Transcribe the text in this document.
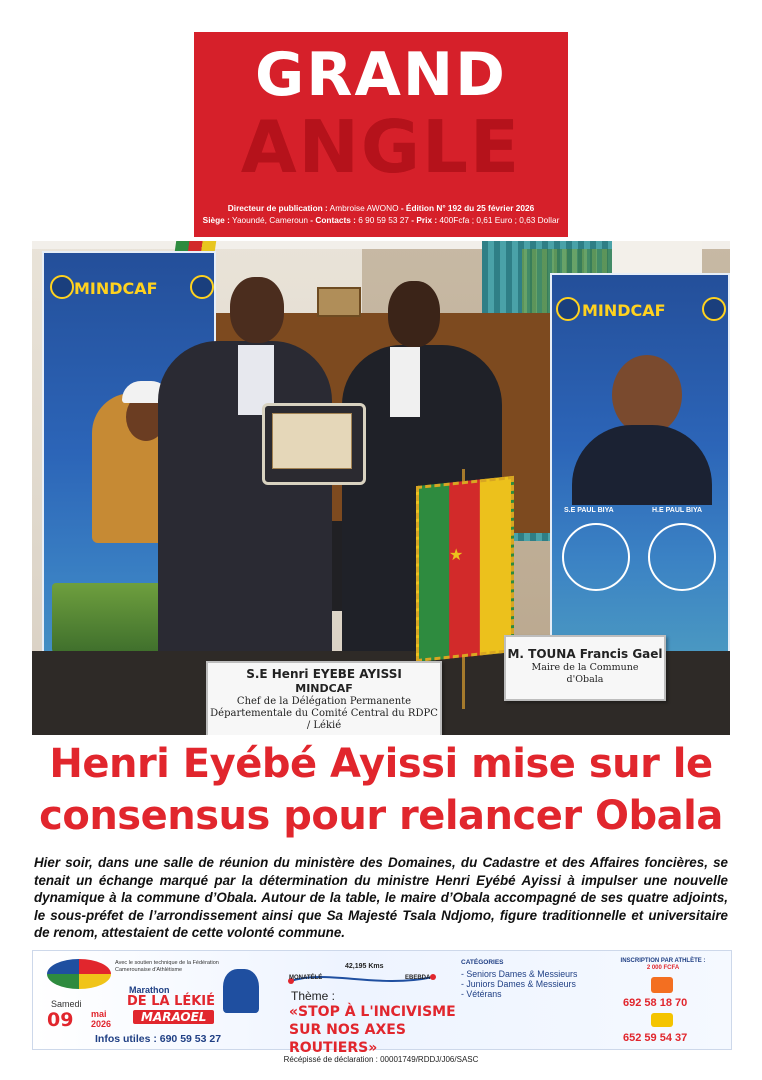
GRAND
ANGLE
Directeur de publication : Ambroise AWONO - Édition N° 192 du 25 février 2026
Siège : Yaoundé, Cameroun - Contacts : 6 90 59 53 27 - Prix : 400Fcfa ; 0,61 Euro ; 0,63 Dollar
MINDCAF
MINDCAF
S.E PAUL BIYA	H.E PAUL BIYA
★
S.E Henri EYEBE AYISSI
MINDCAF
Chef de la Délégation Permanente Départementale du Comité Central du RDPC / Lékié
M. TOUNA Francis Gael
Maire de la Commune d'Obala
Henri Eyébé Ayissi mise sur le consensus pour relancer Obala
Hier soir, dans une salle de réunion du ministère des Domaines, du Cadastre et des Affaires foncières, se tenait un échange marqué par la détermination du ministre Henri Eyébé Ayissi à impulser une nouvelle dynamique à la commune d’Obala. Autour de la table, le maire d’Obala accompagné de ses quatre adjoints, le sous-préfet de l’arrondissement ainsi que Sa Majesté Tsala Ndjomo, figure traditionnelle et universitaire de renom, attestaient de cette volonté commune.
Avec le soutien technique de la Fédération Camerounaise d'Athlétisme
Samedi
09 mai
2026
Marathon
DE LA LÉKIÉ
MARAOEL
Infos utiles : 690 59 53 27
42,195 Kms
MONATÉLÉ	EBEBDA
Thème :
«STOP À L'INCIVISME SUR NOS AXES ROUTIERS»
CATÉGORIES
- Seniors Dames & Messieurs
- Juniors Dames & Messieurs
- Vétérans
INSCRIPTION PAR ATHLÈTE :
2 000 FCFA
692 58 18 70
652 59 54 37
Récépissé de déclaration : 00001749/RDDJ/J06/SASC
